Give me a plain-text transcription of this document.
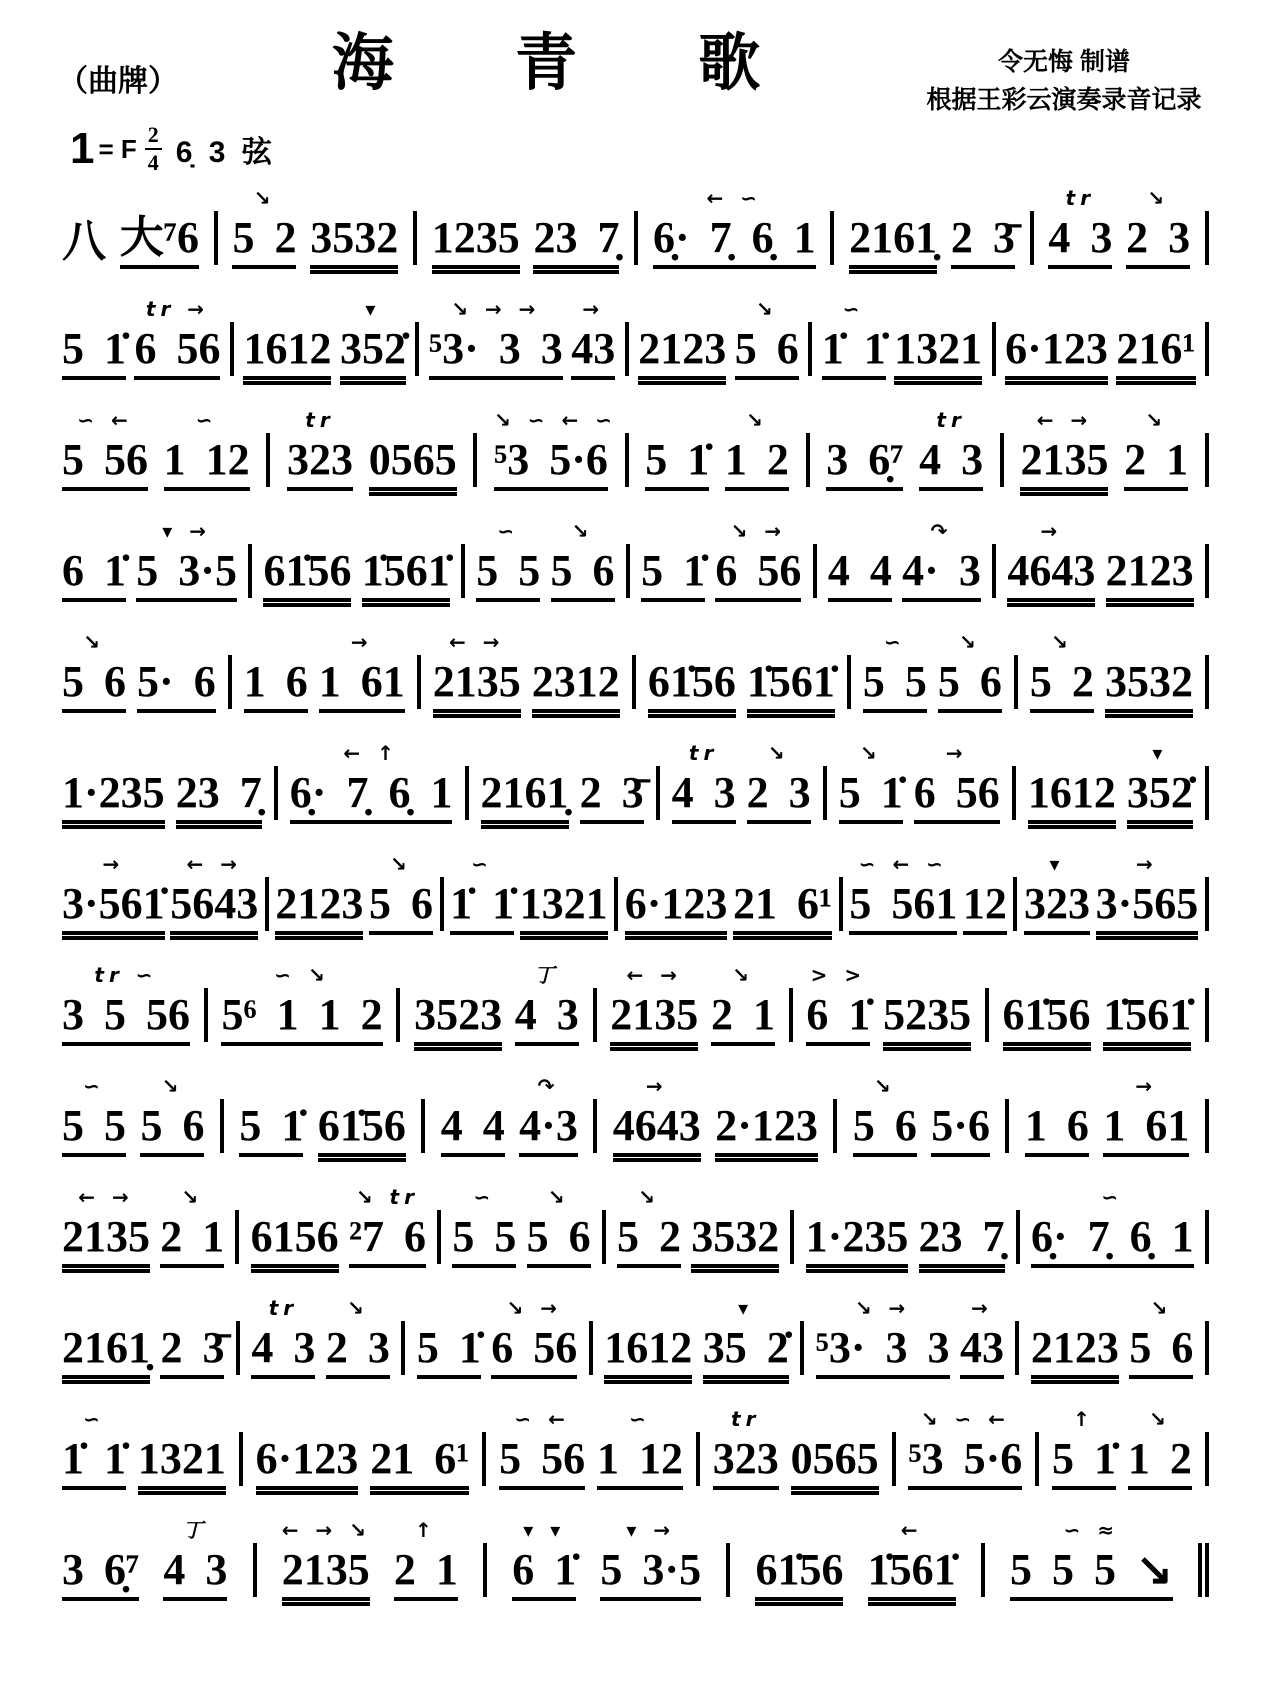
（曲牌）	海 青 歌	令无悔 制谱
根据王彩云演奏录音记录
1 = F $\frac{2}{4}$ 6̣ 3 弦
八 大⁷6
↘
5 2 3532 1235 23 7̣
← ∽
6̣· 7̣ 6̣ 1 2161̣ 2 3̄
tr
4 3
↘
2 3
5 1̇
tr →
6 56 1612
▾
352̇
↘ → →
⁵3· 3 3
→
43 2123
↘
5 6
∽
1̇ 1̇ 1321 6·123 216¹
∽ ←
5 56
∽
1 12
tr
323 0565
↘ ∽ ← ∽
⁵3 5·6 5 1̇
↘
1 2 3 6̣⁷
tr
4 3
← →
2135
↘
2 1
6 1̇
▾ →
5 3·5 61̇56 1̇561̇
∽
5 5
↘
5 6 5 1̇
↘ →
6 56 4 4
↷
4· 3
→
4643 2123
↘
5 6 5· 6 1 6
→
1 61
← →
2135 2312 61̇56 1̇561̇
∽
5 5
↘
5 6
↘
5 2 3532
1·235 23 7̣
← ↑
6̣· 7̣ 6̣ 1 2161̣ 2 3̄
tr
4 3
↘
2 3
↘
5 1̇
→
6 56 1612
▾
352̇
→
3·561̇
← →
5643 2123
↘
5 6
∽
1̇ 1̇ 1321 6·123 21 6¹
∽ ← ∽
5 561 12
▾
323
→
3·565
tr ∽
3 5 56
∽ ↘
5⁶ 1 1 2 3523
丁
4 3
← →
2135
↘
2 1
> >
6 1̇ 5235 61̇56 1̇561̇
∽
5 5
↘
5 6 5 1̇ 61̇56 4 4
↷
4·3
→
4643 2·123
↘
5 6 5·6 1 6
→
1 61
← →
2135
↘
2 1 6156
↘ tr
²7 6
∽
5 5
↘
5 6
↘
5 2 3532 1·235 23 7̣
∽
6̣· 7̣ 6̣ 1
2161̣ 2 3̄
tr
4 3
↘
2 3 5 1̇
↘ →
6 56 1612
▾
35 2̇
↘ →
⁵3· 3 3
→
43 2123
↘
5 6
∽
1̇ 1̇ 1321 6·123 21 6¹
∽ ←
5 56
∽
1 12
tr
323 0565
↘ ∽ ←
⁵3 5·6
↑
5 1̇
↘
1 2
3 6̣⁷
丁
4 3
← → ↘
2135
↑
2 1
▾ ▾
6 1̇
▾ →
5 3·5 61̇56
←
1̇561̇
∽ ≈
5 5 5 ↘
